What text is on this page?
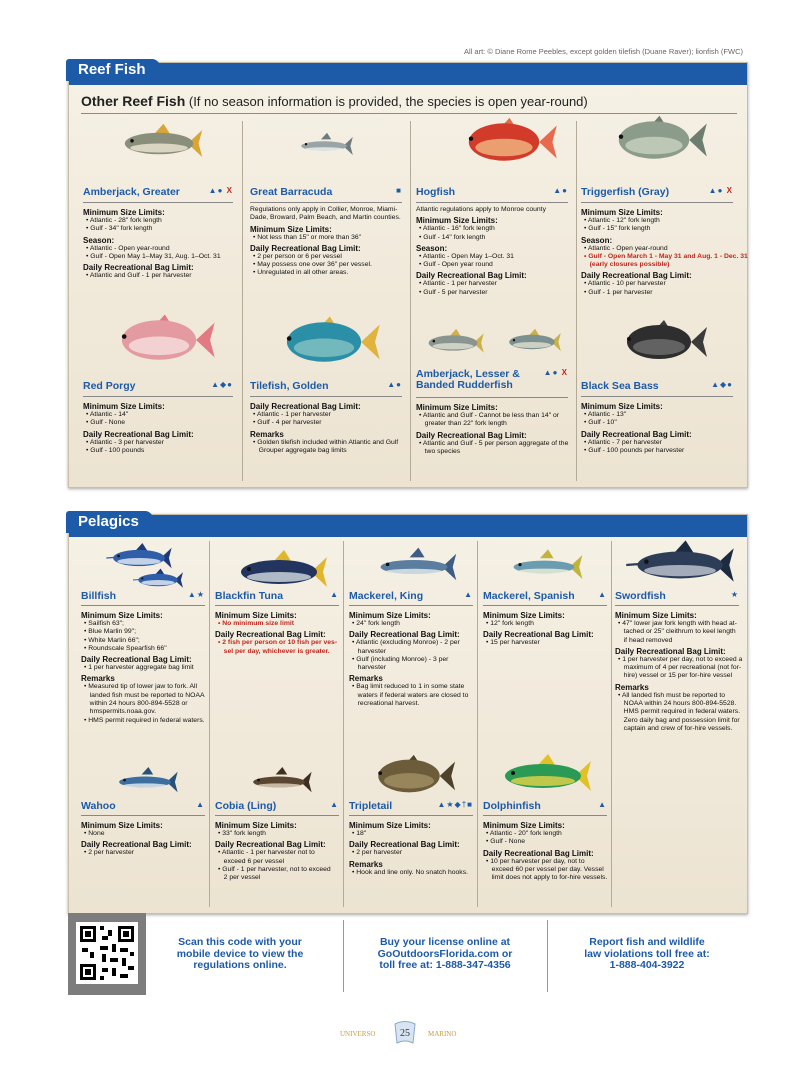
Reef Fish
All art: © Diane Rome Peebles, except golden tilefish (Duane Raver); lionfish (FWC)
Other Reef Fish (If no season information is provided, the species is open year-round)
Amberjack, Greater	▲● X
Minimum Size Limits:

• Atlantic - 28" fork length

• Gulf - 34" fork length

Season:

• Atlantic - Open year-round

• Gulf - Open May 1–May 31, Aug. 1–Oct. 31

Daily Recreational Bag Limit:

• Atlantic and Gulf - 1 per harvester

Great Barracuda	■
Regulations only apply in Collier, Monroe, Miami-Dade, Broward, Palm Beach, and Martin counties.
Minimum Size Limits:

• Not less than 15" or more than 36"

Daily Recreational Bag Limit:

• 2 per person or 6 per vessel

• May possess one over 36" per vessel.

• Unregulated in all other areas.

Hogfish	▲●
Atlantic regulations apply to Monroe county
Minimum Size Limits:

• Atlantic - 16" fork length

• Gulf - 14" fork length

Season:

• Atlantic - Open May 1–Oct. 31

• Gulf - Open year round

Daily Recreational Bag Limit:

• Atlantic - 1 per harvester

• Gulf - 5 per harvester

Triggerfish (Gray)	▲● X
Minimum Size Limits:

• Atlantic - 12" fork length

• Gulf - 15" fork length

Season:

• Atlantic - Open year-round

• Gulf - Open March 1 - May 31 and Aug. 1 - Dec. 31

(early closures possible)

Daily Recreational Bag Limit:

• Atlantic - 10 per harvester

• Gulf - 1 per harvester

Red Porgy	▲◆●
Minimum Size Limits:

• Atlantic - 14"

• Gulf - None

Daily Recreational Bag Limit:

• Atlantic - 3 per harvester

• Gulf - 100 pounds

Tilefish, Golden	▲●
Daily Recreational Bag Limit:

• Atlantic - 1 per harvester

• Gulf - 4 per harvester

Remarks

• Golden tilefish included within Atlantic and Gulf

Grouper aggregate bag limits

Amberjack, Lesser &
Banded Rudderfish
▲● X
Minimum Size Limits:

• Atlantic and Gulf - Cannot be less than 14" or

greater than 22" fork length

Daily Recreational Bag Limit:

• Atlantic and Gulf - 5 per person aggregate of the

two species

Black Sea Bass	▲◆●
Minimum Size Limits:

• Atlantic - 13"

• Gulf - 10"

Daily Recreational Bag Limit:

• Atlantic - 7 per harvester

• Gulf - 100 pounds per harvester

Pelagics
Billfish	▲★
Minimum Size Limits:

• Sailfish 63";

• Blue Marlin 99";

• White Marlin 66";

• Roundscale Spearfish 66"

Daily Recreational Bag Limit:

• 1 per harvester aggregate bag limit

Remarks

• Measured tip of lower jaw to fork. All

landed fish must be reported to NOAA

within 24 hours 800-894-5528 or

hmspermits.noaa.gov.

• HMS permit required in federal waters.

Blackfin Tuna	▲
Minimum Size Limits:

• No minimum size limit

Daily Recreational Bag Limit:

• 2 fish per person or 10 fish per ves-

sel per day, whichever is greater.

Mackerel, King	▲
Minimum Size Limits:

• 24" fork length

Daily Recreational Bag Limit:

• Atlantic (excluding Monroe) - 2 per

harvester

• Gulf (including Monroe) - 3 per

harvester

Remarks

• Bag limit reduced to 1 in some state

waters if federal waters are closed to

recreational harvest.

Mackerel, Spanish	▲
Minimum Size Limits:

• 12" fork length

Daily Recreational Bag Limit:

• 15 per harvester

Swordfish	★
Minimum Size Limits:

• 47" lower jaw fork length with head at-

tached or 25" cleithrum to keel length

if head removed

Daily Recreational Bag Limit:

• 1 per harvester per day, not to exceed a

maximum of 4 per recreational (not for-

hire) vessel or 15 per for-hire vessel

Remarks

• All landed fish must be reported to

NOAA within 24 hours 800-894-5528.

HMS permit required in federal waters.

Zero daily bag and possession limit for

captain and crew of for-hire vessels.

Wahoo	▲
Minimum Size Limits:

• None

Daily Recreational Bag Limit:

• 2 per harvester

Cobia (Ling)	▲
Minimum Size Limits:

• 33" fork length

Daily Recreational Bag Limit:

• Atlantic - 1 per harvester not to

exceed 6 per vessel

• Gulf - 1 per harvester, not to exceed

2 per vessel

Tripletail	▲★◆†■
Minimum Size Limits:

• 18"

Daily Recreational Bag Limit:

• 2 per harvester

Remarks

• Hook and line only. No snatch hooks.

Dolphinfish	▲
Minimum Size Limits:

• Atlantic - 20" fork length

• Gulf - None

Daily Recreational Bag Limit:

• 10 per harvester per day, not to

exceed 60 per vessel per day. Vessel

limit does not apply to for-hire vessels.

Scan this code with your
mobile device to view the
regulations online.
Buy your license online at
GoOutdoorsFlorida.com or
toll free at: 1-888-347-4356
Report fish and wildlife
law violations toll free at:
1-888-404-3922
UNIVERSO 25	MARINO
